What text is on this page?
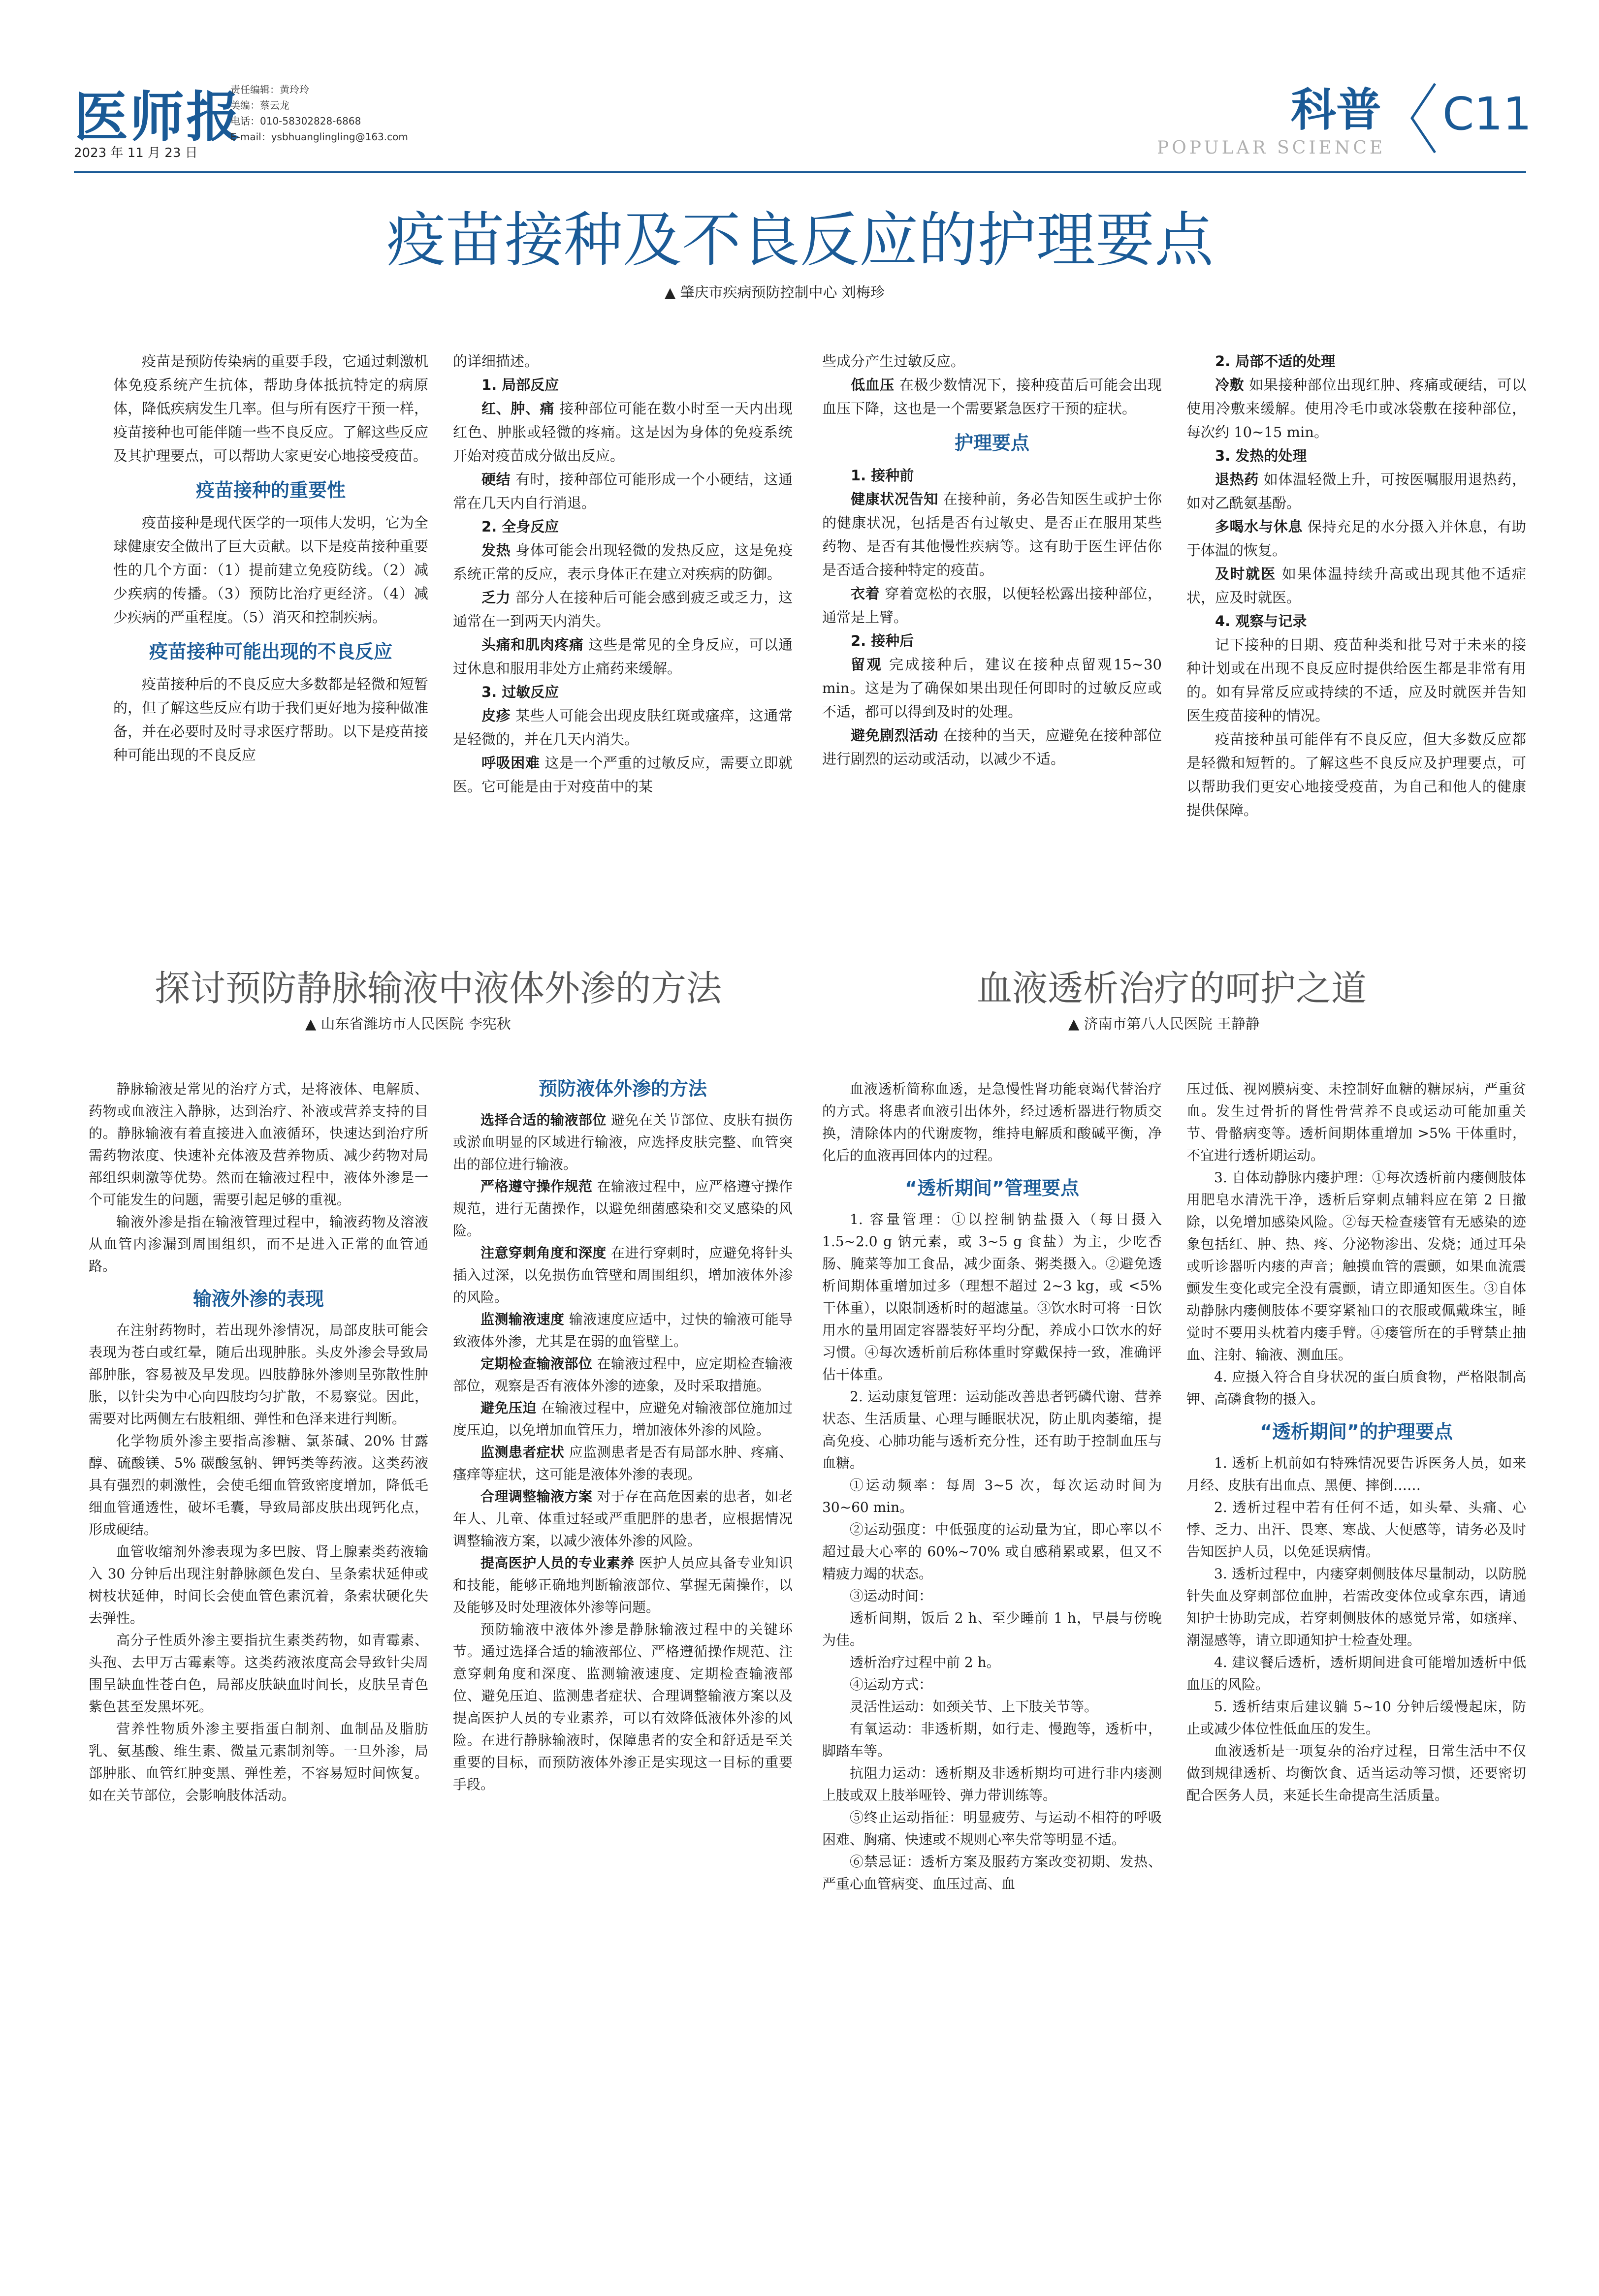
医师报
2023 年 11 月 23 日
责任编辑：黄玲玲
美编：蔡云龙
电话：010-58302828-6868
E-mail：ysbhuanglingling@163.com
科普
POPULAR SCIENCE
C11
疫苗接种及不良反应的护理要点
▲ 肇庆市疾病预防控制中心 刘梅珍

疫苗是预防传染病的重要手段，它通过刺激机体免疫系统产生抗体，帮助身体抵抗特定的病原体，降低疾病发生几率。但与所有医疗干预一样，疫苗接种也可能伴随一些不良反应。了解这些反应及其护理要点，可以帮助大家更安心地接受疫苗。

疫苗接种的重要性

疫苗接种是现代医学的一项伟大发明，它为全球健康安全做出了巨大贡献。以下是疫苗接种重要性的几个方面：（1）提前建立免疫防线。（2）减少疾病的传播。（3）预防比治疗更经济。（4）减少疾病的严重程度。（5）消灭和控制疾病。

疫苗接种可能出现的不良反应

疫苗接种后的不良反应大多数都是轻微和短暂的，但了解这些反应有助于我们更好地为接种做准备，并在必要时及时寻求医疗帮助。以下是疫苗接种可能出现的不良反应

的详细描述。

1. 局部反应

红、肿、痛 接种部位可能在数小时至一天内出现红色、肿胀或轻微的疼痛。这是因为身体的免疫系统开始对疫苗成分做出反应。

硬结 有时，接种部位可能形成一个小硬结，这通常在几天内自行消退。

2. 全身反应

发热 身体可能会出现轻微的发热反应，这是免疫系统正常的反应，表示身体正在建立对疾病的防御。

乏力 部分人在接种后可能会感到疲乏或乏力，这通常在一到两天内消失。

头痛和肌肉疼痛 这些是常见的全身反应，可以通过休息和服用非处方止痛药来缓解。

3. 过敏反应

皮疹 某些人可能会出现皮肤红斑或瘙痒，这通常是轻微的，并在几天内消失。

呼吸困难 这是一个严重的过敏反应，需要立即就医。它可能是由于对疫苗中的某

些成分产生过敏反应。

低血压 在极少数情况下，接种疫苗后可能会出现血压下降，这也是一个需要紧急医疗干预的症状。

护理要点
1. 接种前

健康状况告知 在接种前，务必告知医生或护士你的健康状况，包括是否有过敏史、是否正在服用某些药物、是否有其他慢性疾病等。这有助于医生评估你是否适合接种特定的疫苗。

衣着 穿着宽松的衣服，以便轻松露出接种部位，通常是上臂。

2. 接种后

留观 完成接种后，建议在接种点留观15~30 min。这是为了确保如果出现任何即时的过敏反应或不适，都可以得到及时的处理。

避免剧烈活动 在接种的当天，应避免在接种部位进行剧烈的运动或活动，以减少不适。

2. 局部不适的处理

冷敷 如果接种部位出现红肿、疼痛或硬结，可以使用冷敷来缓解。使用冷毛巾或冰袋敷在接种部位，每次约 10~15 min。

3. 发热的处理

退热药 如体温轻微上升，可按医嘱服用退热药，如对乙酰氨基酚。

多喝水与休息 保持充足的水分摄入并休息，有助于体温的恢复。

及时就医 如果体温持续升高或出现其他不适症状，应及时就医。

4. 观察与记录

记下接种的日期、疫苗种类和批号对于未来的接种计划或在出现不良反应时提供给医生都是非常有用的。如有异常反应或持续的不适，应及时就医并告知医生疫苗接种的情况。

疫苗接种虽可能伴有不良反应，但大多数反应都是轻微和短暂的。了解这些不良反应及护理要点，可以帮助我们更安心地接受疫苗，为自己和他人的健康提供保障。

探讨预防静脉输液中液体外渗的方法
▲ 山东省潍坊市人民医院 李宪秋

静脉输液是常见的治疗方式，是将液体、电解质、药物或血液注入静脉，达到治疗、补液或营养支持的目的。静脉输液有着直接进入血液循环，快速达到治疗所需药物浓度、快速补充体液及营养物质、减少药物对局部组织刺激等优势。然而在输液过程中，液体外渗是一个可能发生的问题，需要引起足够的重视。

输液外渗是指在输液管理过程中，输液药物及溶液从血管内渗漏到周围组织，而不是进入正常的血管通路。

输液外渗的表现

在注射药物时，若出现外渗情况，局部皮肤可能会表现为苍白或红晕，随后出现肿胀。头皮外渗会导致局部肿胀，容易被及早发现。四肢静脉外渗则呈弥散性肿胀，以针尖为中心向四肢均匀扩散，不易察觉。因此，需要对比两侧左右肢粗细、弹性和色泽来进行判断。

化学物质外渗主要指高渗糖、氯茶碱、20% 甘露醇、硫酸镁、5% 碳酸氢钠、钾钙类等药液。这类药液具有强烈的刺激性，会使毛细血管致密度增加，降低毛细血管通透性，破坏毛囊，导致局部皮肤出现钙化点，形成硬结。

血管收缩剂外渗表现为多巴胺、肾上腺素类药液输入 30 分钟后出现注射静脉颜色发白、呈条索状延伸或树枝状延伸，时间长会使血管色素沉着，条索状硬化失去弹性。

高分子性质外渗主要指抗生素类药物，如青霉素、头孢、去甲万古霉素等。这类药液浓度高会导致针尖周围呈缺血性苍白色，局部皮肤缺血时间长，皮肤呈青色紫色甚至发黑坏死。

营养性物质外渗主要指蛋白制剂、血制品及脂肪乳、氨基酸、维生素、微量元素制剂等。一旦外渗，局部肿胀、血管红肿变黑、弹性差，不容易短时间恢复。如在关节部位，会影响肢体活动。

预防液体外渗的方法

选择合适的输液部位 避免在关节部位、皮肤有损伤或淤血明显的区域进行输液，应选择皮肤完整、血管突出的部位进行输液。

严格遵守操作规范 在输液过程中，应严格遵守操作规范，进行无菌操作，以避免细菌感染和交叉感染的风险。

注意穿刺角度和深度 在进行穿刺时，应避免将针头插入过深，以免损伤血管壁和周围组织，增加液体外渗的风险。

监测输液速度 输液速度应适中，过快的输液可能导致液体外渗，尤其是在弱的血管壁上。

定期检查输液部位 在输液过程中，应定期检查输液部位，观察是否有液体外渗的迹象，及时采取措施。

避免压迫 在输液过程中，应避免对输液部位施加过度压迫，以免增加血管压力，增加液体外渗的风险。

监测患者症状 应监测患者是否有局部水肿、疼痛、瘙痒等症状，这可能是液体外渗的表现。

合理调整输液方案 对于存在高危因素的患者，如老年人、儿童、体重过轻或严重肥胖的患者，应根据情况调整输液方案，以减少液体外渗的风险。

提高医护人员的专业素养 医护人员应具备专业知识和技能，能够正确地判断输液部位、掌握无菌操作，以及能够及时处理液体外渗等问题。

预防输液中液体外渗是静脉输液过程中的关键环节。通过选择合适的输液部位、严格遵循操作规范、注意穿刺角度和深度、监测输液速度、定期检查输液部位、避免压迫、监测患者症状、合理调整输液方案以及提高医护人员的专业素养，可以有效降低液体外渗的风险。在进行静脉输液时，保障患者的安全和舒适是至关重要的目标，而预防液体外渗正是实现这一目标的重要手段。

血液透析治疗的呵护之道
▲ 济南市第八人民医院 王静静

血液透析简称血透，是急慢性肾功能衰竭代替治疗的方式。将患者血液引出体外，经过透析器进行物质交换，清除体内的代谢废物，维持电解质和酸碱平衡，净化后的血液再回体内的过程。

“透析期间”管理要点

1. 容量管理：①以控制钠盐摄入（每日摄入 1.5~2.0 g 钠元素，或 3~5 g 食盐）为主，少吃香肠、腌菜等加工食品，减少面条、粥类摄入。②避免透析间期体重增加过多（理想不超过 2~3 kg，或 <5% 干体重），以限制透析时的超滤量。③饮水时可将一日饮用水的量用固定容器装好平均分配，养成小口饮水的好习惯。④每次透析前后称体重时穿戴保持一致，准确评估干体重。

2. 运动康复管理：运动能改善患者钙磷代谢、营养状态、生活质量、心理与睡眠状况，防止肌肉萎缩，提高免疫、心肺功能与透析充分性，还有助于控制血压与血糖。

①运动频率：每周 3~5 次，每次运动时间为 30~60 min。

②运动强度：中低强度的运动量为宜，即心率以不超过最大心率的 60%~70% 或自感稍累或累，但又不精疲力竭的状态。

③运动时间：

透析间期，饭后 2 h、至少睡前 1 h，早晨与傍晚为佳。

透析治疗过程中前 2 h。

④运动方式：

灵活性运动：如颈关节、上下肢关节等。

有氧运动：非透析期，如行走、慢跑等，透析中，脚踏车等。

抗阻力运动：透析期及非透析期均可进行非内瘘测上肢或双上肢举哑铃、弹力带训练等。

⑤终止运动指征：明显疲劳、与运动不相符的呼吸困难、胸痛、快速或不规则心率失常等明显不适。

⑥禁忌证：透析方案及服药方案改变初期、发热、严重心血管病变、血压过高、血

压过低、视网膜病变、未控制好血糖的糖尿病，严重贫血。发生过骨折的肾性骨营养不良或运动可能加重关节、骨骼病变等。透析间期体重增加 >5% 干体重时，不宜进行透析期运动。

3. 自体动静脉内瘘护理：①每次透析前内瘘侧肢体用肥皂水清洗干净，透析后穿刺点辅料应在第 2 日撤除，以免增加感染风险。②每天检查瘘管有无感染的迹象包括红、肿、热、疼、分泌物渗出、发烧；通过耳朵或听诊器听内瘘的声音；触摸血管的震颤，如果血流震颤发生变化或完全没有震颤，请立即通知医生。③自体动静脉内瘘侧肢体不要穿紧袖口的衣服或佩戴珠宝，睡觉时不要用头枕着内瘘手臂。④瘘管所在的手臂禁止抽血、注射、输液、测血压。

4. 应摄入符合自身状况的蛋白质食物，严格限制高钾、高磷食物的摄入。

“透析期间”的护理要点

1. 透析上机前如有特殊情况要告诉医务人员，如来月经、皮肤有出血点、黑便、摔倒……

2. 透析过程中若有任何不适，如头晕、头痛、心悸、乏力、出汗、畏寒、寒战、大便感等，请务必及时告知医护人员，以免延误病情。

3. 透析过程中，内瘘穿刺侧肢体尽量制动，以防脱针失血及穿刺部位血肿，若需改变体位或拿东西，请通知护士协助完成，若穿刺侧肢体的感觉异常，如瘙痒、潮湿感等，请立即通知护士检查处理。

4. 建议餐后透析，透析期间进食可能增加透析中低血压的风险。

5. 透析结束后建议躺 5~10 分钟后缓慢起床，防止或减少体位性低血压的发生。

血液透析是一项复杂的治疗过程，日常生活中不仅做到规律透析、均衡饮食、适当运动等习惯，还要密切配合医务人员，来延长生命提高生活质量。
